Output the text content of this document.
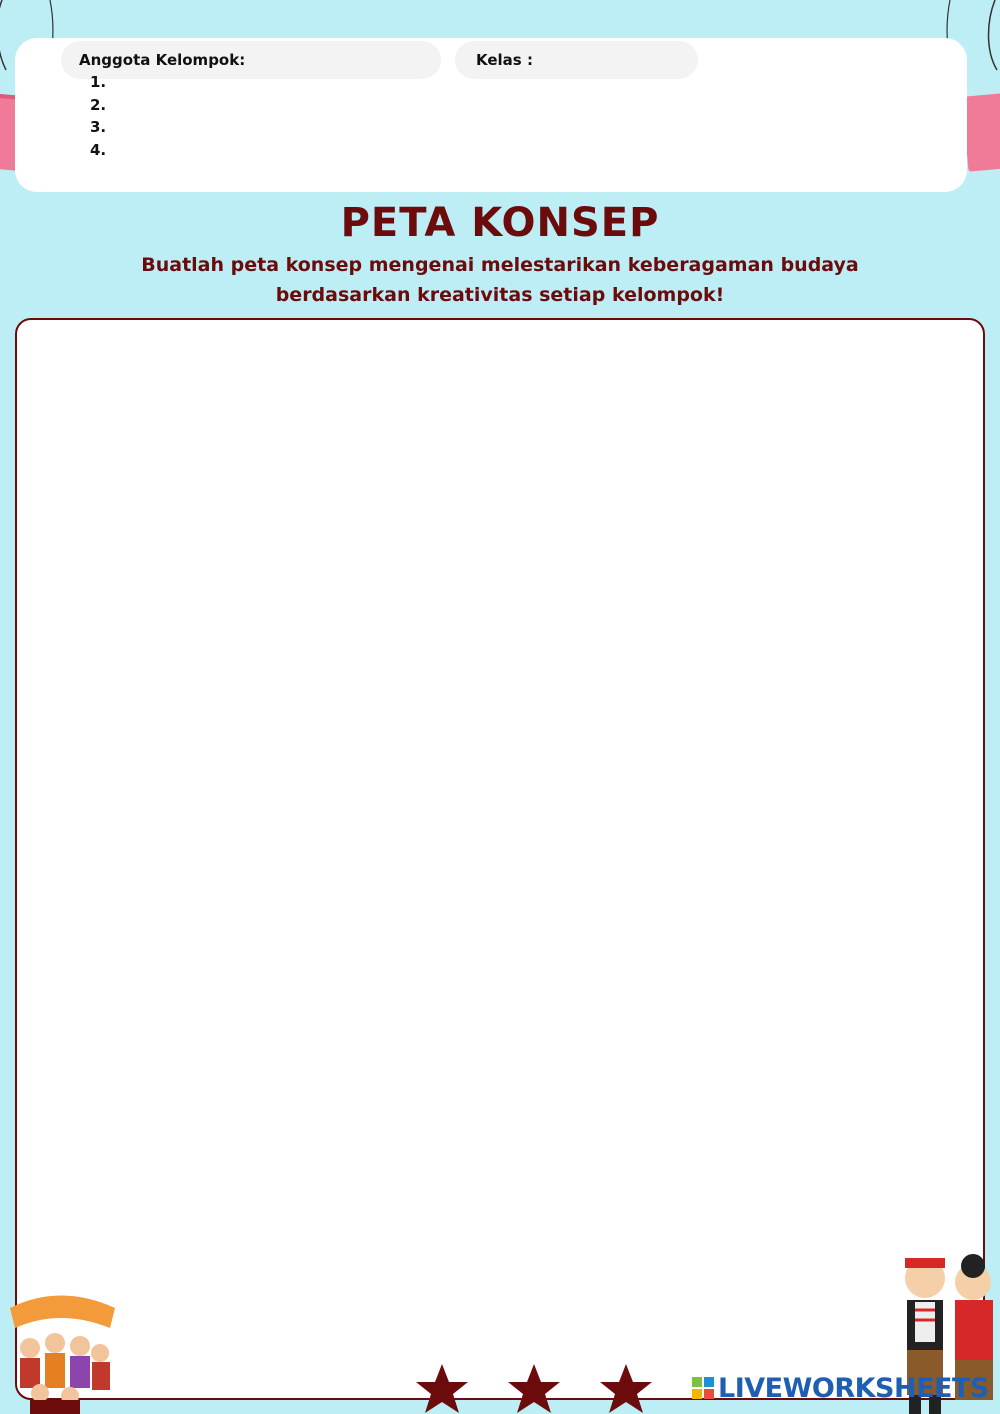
Anggota Kelompok:	Kelas :
1.
2.
3.
4.
PETA KONSEP
Buatlah peta konsep mengenai melestarikan keberagaman budaya
berdasarkan kreativitas setiap kelompok!
LIVEWORKSHEETS
